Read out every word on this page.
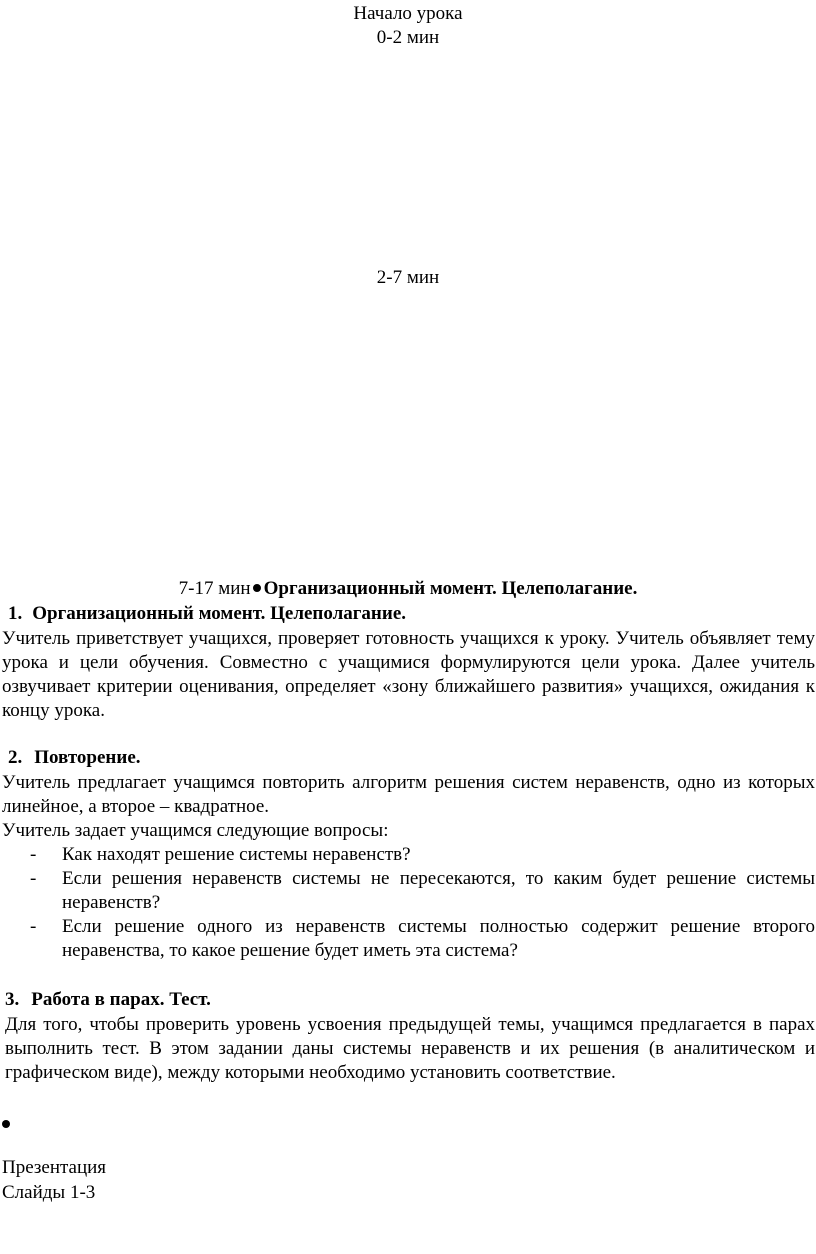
Начало урока
0-2 мин
2-7 мин
7-17 мин Организационный момент. Целеполагание.
1. Организационный момент. Целеполагание.
Учитель приветствует учащихся, проверяет готовность учащихся к уроку. Учитель объявляет тему урока и цели обучения. Совместно с учащимися формулируются цели урока. Далее учитель озвучивает критерии оценивания, определяет «зону ближайшего развития» учащихся, ожидания к концу урока.
2. Повторение.
Учитель предлагает учащимся повторить алгоритм решения систем неравенств, одно из которых линейное, а второе – квадратное.
Учитель задает учащимся следующие вопросы:
- Как находят решение системы неравенств?
- Если решения неравенств системы не пересекаются, то каким будет решение системы неравенств?
- Если решение одного из неравенств системы полностью содержит решение второго неравенства, то какое решение будет иметь эта система?
3. Работа в парах. Тест.
Для того, чтобы проверить уровень усвоения предыдущей темы, учащимся предлагается в парах выполнить тест. В этом задании даны системы неравенств и их решения (в аналитическом и графическом виде), между которыми необходимо установить соответствие.
Презентация
Слайды 1-3
